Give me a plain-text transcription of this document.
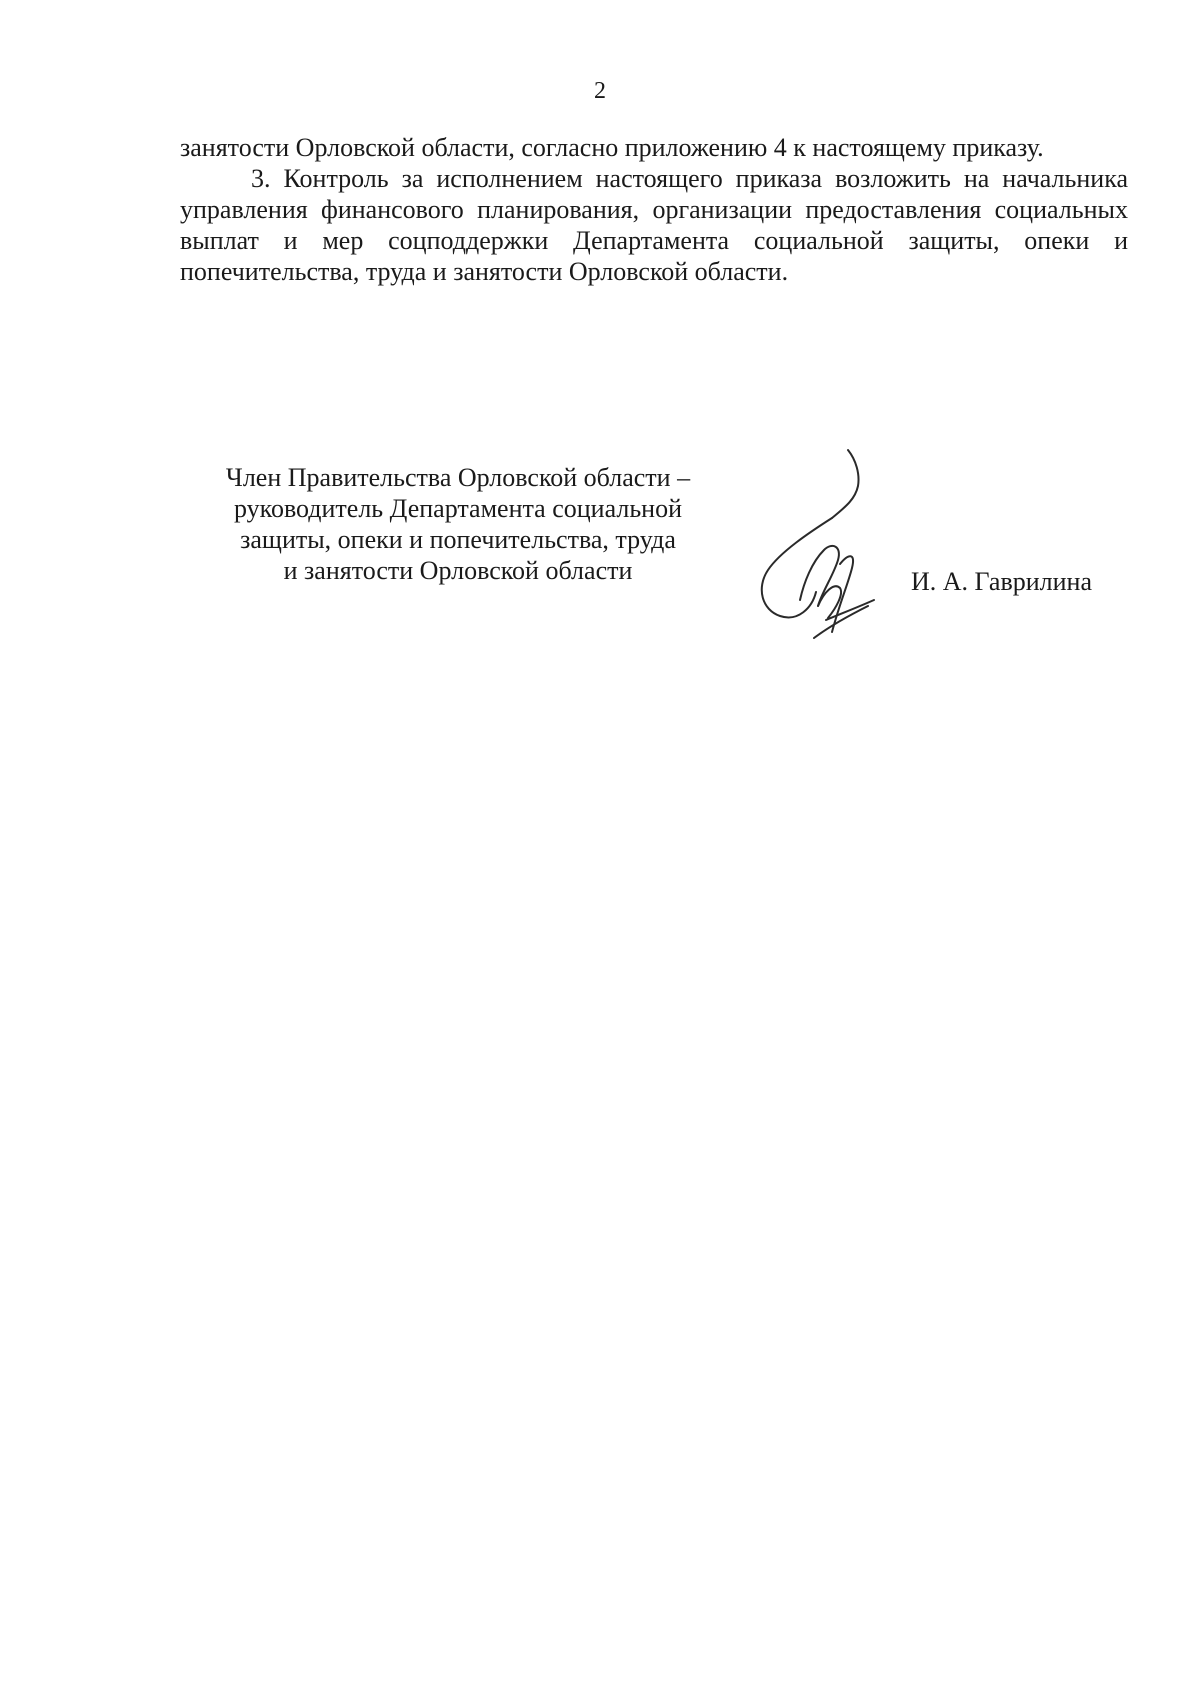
2

занятости Орловской области, согласно приложению 4 к настоящему приказу.

3. Контроль за исполнением настоящего приказа возложить на начальника управления финансового планирования, организации предоставления социальных выплат и мер соцподдержки Департамента социальной защиты, опеки и попечительства, труда и занятости Орловской области.

Член Правительства Орловской области –
руководитель Департамента социальной
защиты, опеки и попечительства, труда
и занятости Орловской области	И. А. Гаврилина
